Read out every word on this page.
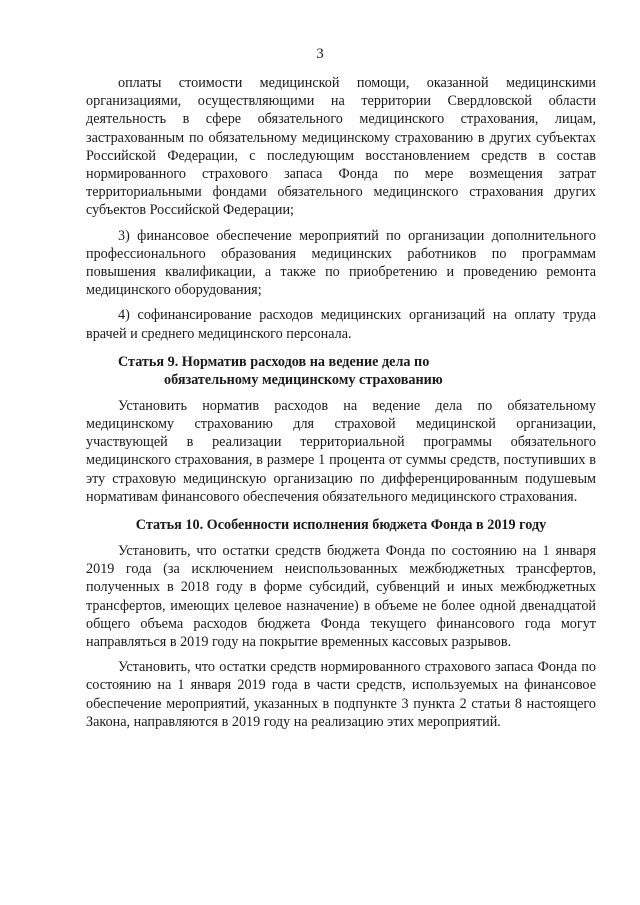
3

оплаты стоимости медицинской помощи, оказанной медицинскими организациями, осуществляющими на территории Свердловской области деятельность в сфере обязательного медицинского страхования, лицам, застрахованным по обязательному медицинскому страхованию в других субъектах Российской Федерации, с последующим восстановлением средств в состав нормированного страхового запаса Фонда по мере возмещения затрат территориальными фондами обязательного медицинского страхования других субъектов Российской Федерации;

3) финансовое обеспечение мероприятий по организации дополнительного профессионального образования медицинских работников по программам повышения квалификации, а также по приобретению и проведению ремонта медицинского оборудования;

4) софинансирование расходов медицинских организаций на оплату труда врачей и среднего медицинского персонала.

Статья 9. Норматив расходов на ведение дела по
обязательному медицинскому страхованию

Установить норматив расходов на ведение дела по обязательному медицинскому страхованию для страховой медицинской организации, участвующей в реализации территориальной программы обязательного медицинского страхования, в размере 1 процента от суммы средств, поступивших в эту страховую медицинскую организацию по дифференцированным подушевым нормативам финансового обеспечения обязательного медицинского страхования.

Статья 10. Особенности исполнения бюджета Фонда в 2019 году

Установить, что остатки средств бюджета Фонда по состоянию на 1 января 2019 года (за исключением неиспользованных межбюджетных трансфертов, полученных в 2018 году в форме субсидий, субвенций и иных межбюджетных трансфертов, имеющих целевое назначение) в объеме не более одной двенадцатой общего объема расходов бюджета Фонда текущего финансового года могут направляться в 2019 году на покрытие временных кассовых разрывов.

Установить, что остатки средств нормированного страхового запаса Фонда по состоянию на 1 января 2019 года в части средств, используемых на финансовое обеспечение мероприятий, указанных в подпункте 3 пункта 2 статьи 8 настоящего Закона, направляются в 2019 году на реализацию этих мероприятий.
